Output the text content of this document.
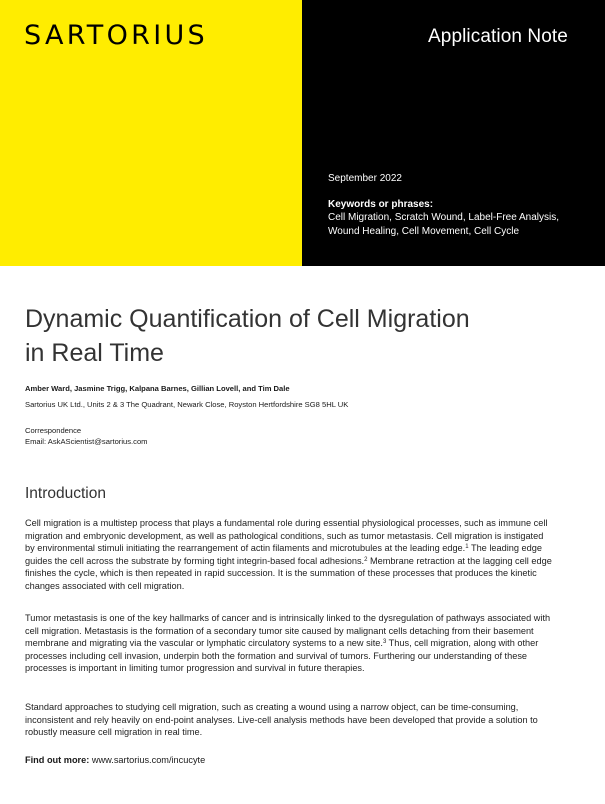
SARTORIUS	Application Note
September 2022
Keywords or phrases:
Cell Migration, Scratch Wound, Label-Free Analysis, Wound Healing, Cell Movement, Cell Cycle
Dynamic Quantification of Cell Migration
in Real Time
Amber Ward, Jasmine Trigg, Kalpana Barnes, Gillian Lovell, and Tim Dale
Sartorius UK Ltd., Units 2 & 3 The Quadrant, Newark Close, Royston Hertfordshire SG8 5HL UK
Correspondence
Email: AskAScientist@sartorius.com
Introduction

Cell migration is a multistep process that plays a fundamental role during essential physiological processes, such as immune cell migration and embryonic development, as well as pathological conditions, such as tumor metastasis. Cell migration is instigated by environmental stimuli initiating the rearrangement of actin filaments and microtubules at the leading edge.$^1$ The leading edge guides the cell across the substrate by forming tight integrin-based focal adhesions.$^2$ Membrane retraction at the lagging cell edge finishes the cycle, which is then repeated in rapid succession. It is the summation of these processes that produces the kinetic changes associated with cell migration.

Tumor metastasis is one of the key hallmarks of cancer and is intrinsically linked to the dysregulation of pathways associated with cell migration. Metastasis is the formation of a secondary tumor site caused by malignant cells detaching from their basement membrane and migrating via the vascular or lymphatic circulatory systems to a new site.$^3$ Thus, cell migration, along with other processes including cell invasion, underpin both the formation and survival of tumors. Furthering our understanding of these processes is important in limiting tumor progression and survival in future therapies.

Standard approaches to studying cell migration, such as creating a wound using a narrow object, can be time-consuming, inconsistent and rely heavily on end-point analyses. Live-cell analysis methods have been developed that provide a solution to robustly measure cell migration in real time.

Find out more: www.sartorius.com/incucyte
